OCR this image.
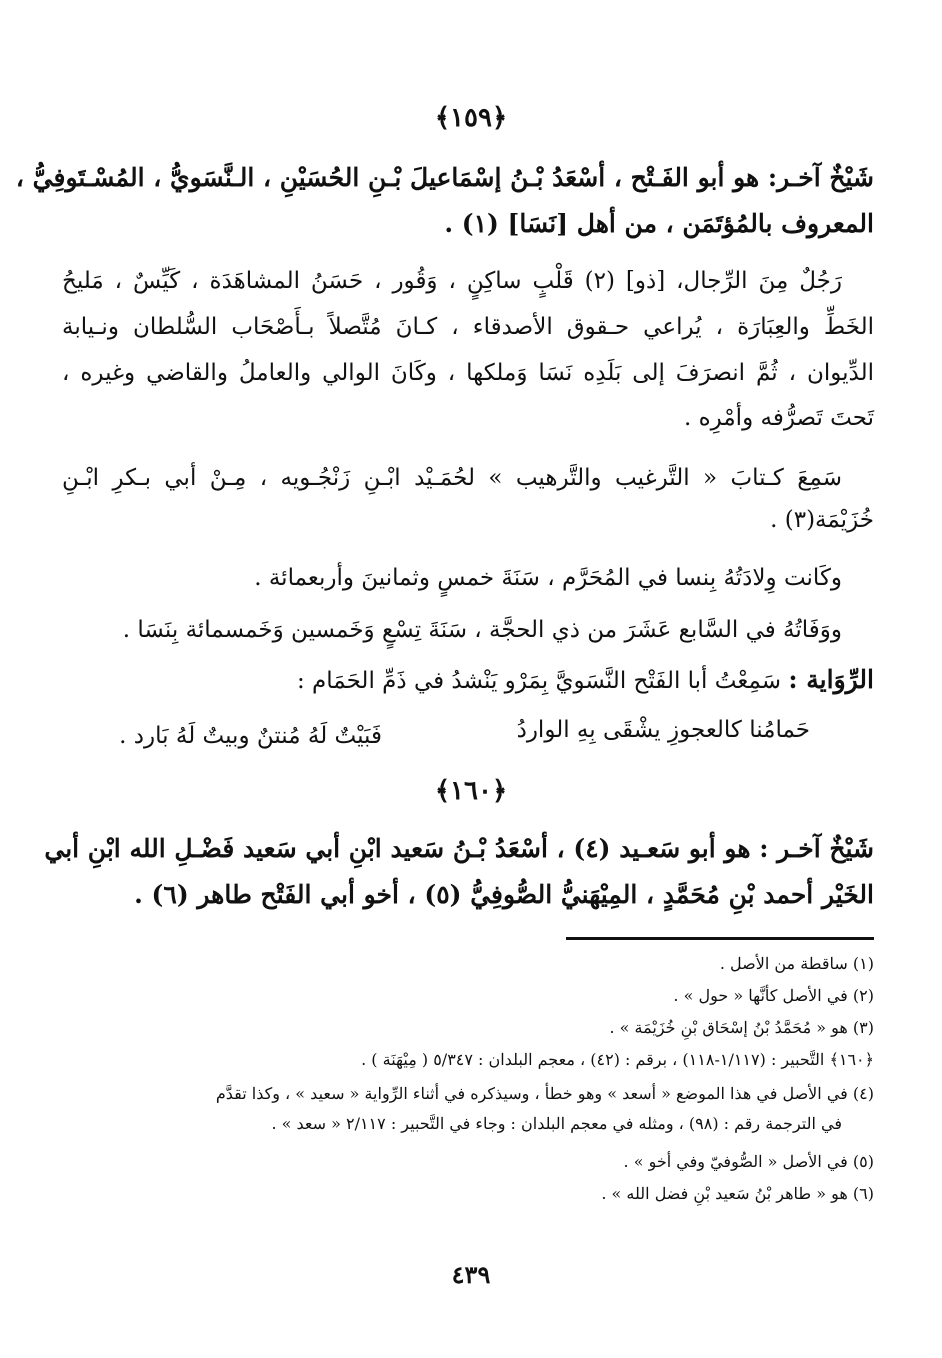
﴿١٥٩﴾
شَيْخٌ آخـر: هو أبو الفَـتْح ، أسْعَدُ بْـنُ إسْمَاعيلَ بْـنِ الحُسَيْنِ ، الـنَّسَويُّ ، المُسْـتَوفِيُّ ،
المعروف بالمُؤتَمَن ، من أهل [نَسَا] (١) .
رَجُلٌ مِنَ الرِّجال، [ذو] (٢) قَلْبٍ ساكِنٍ ، وَقُور ، حَسَنُ المشاهَدَة ، كَيِّسٌ ، مَليحُ
الخَطِّ والعِبَارَة ، يُراعي حـقوق الأصدقاء ، كـانَ مُتَّصلاً بـأَصْحَاب السُّلطان ونـيابة
الدِّيوان ، ثُمَّ انصرَفَ إلى بَلَدِه نَسَا وَملكها ، وكَانَ الوالي والعاملُ والقاضي وغيره ،
تَحتَ تَصرُّفه وأمْرِه .
سَمِعَ كـتابَ « التَّرغيب والتَّرهيب » لحُمَـيْد ابْـنِ زَنْجُـويه ، مِـنْ أبي بـكرِ ابْـنِ
خُزَيْمَة(٣) .
وكَانت وِلادَتُهُ بِنسا في المُحَرَّم ، سَنَةَ خمسٍ وثمانينَ وأربعمائة .
ووَفَاتُهُ في السَّابع عَشَرَ من ذي الحجَّة ، سَنَةَ تِسْعٍ وَخَمسين وَخَمسمائة بِنَسَا .
الرِّوَاية : سَمِعْتُ أبا الفَتْح النَّسَويَّ بِمَرْو يَنْشدُ في ذَمِّ الحَمَام :
حَمامُنا كالعجوزِ يشْقَى بِهِ الواردُ
فَبَيْتٌ لَهُ مُنتنٌ وبيتٌ لَهُ بَارد .
﴿١٦٠﴾
شَيْخٌ آخـر : هو أبو سَعـيد (٤) ، أسْعَدُ بْـنُ سَعيد ابْنِ أبي سَعيد فَضْـلِ الله ابْنِ أبي
الخَيْر أحمد بْنِ مُحَمَّدٍ ، المِيْهَنيُّ الصُّوفِيُّ (٥) ، أخو أبي الفَتْح طاهر (٦) .
(١) ساقطة من الأصل .
(٢) في الأصل كأنَّها « حول » .
(٣) هو « مُحَمَّدُ بْنُ إسْحَاق بْنِ خُزَيْمَة » .
﴿١٦٠﴾ التَّحبير : (١/١١٧-١١٨) ، برقم : (٤٢) ، معجم البلدان : ٥/٣٤٧ ( مِيْهَنَة ) .
(٤) في الأصل في هذا الموضع « أسعد » وهو خطأ ، وسيذكره في أثناء الرِّواية « سعيد » ، وكذا تقدَّم
في الترجمة رقم : (٩٨) ، ومثله في معجم البلدان : وجاء في التَّحبير : ٢/١١٧ « سعد » .
(٥) في الأصل « الصُّوفيّ وفي أخو » .
(٦) هو « طاهر بْنُ سَعيد بْنِ فضل الله » .
٤٣٩
